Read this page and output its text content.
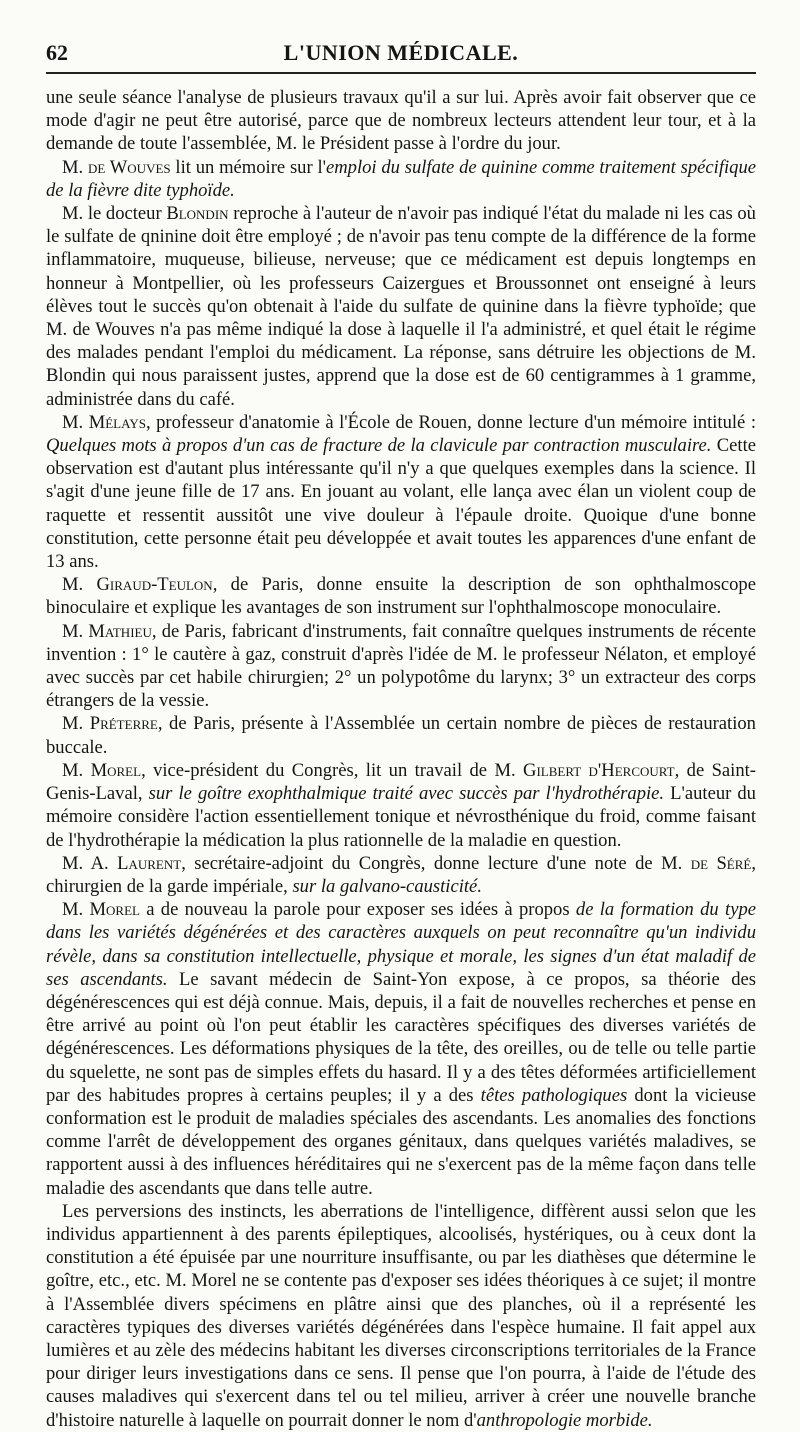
62	L'UNION MÉDICALE.

une seule séance l'analyse de plusieurs travaux qu'il a sur lui. Après avoir fait observer que ce mode d'agir ne peut être autorisé, parce que de nombreux lecteurs attendent leur tour, et à la demande de toute l'assemblée, M. le Président passe à l'ordre du jour.

M. de Wouves lit un mémoire sur l'emploi du sulfate de quinine comme traitement spécifique de la fièvre dite typhoïde.

M. le docteur Blondin reproche à l'auteur de n'avoir pas indiqué l'état du malade ni les cas où le sulfate de qninine doit être employé ; de n'avoir pas tenu compte de la différence de la forme inflammatoire, muqueuse, bilieuse, nerveuse; que ce médicament est depuis longtemps en honneur à Montpellier, où les professeurs Caizergues et Broussonnet ont enseigné à leurs élèves tout le succès qu'on obtenait à l'aide du sulfate de quinine dans la fièvre typhoïde; que M. de Wouves n'a pas même indiqué la dose à laquelle il l'a administré, et quel était le régime des malades pendant l'emploi du médicament. La réponse, sans détruire les objections de M. Blondin qui nous paraissent justes, apprend que la dose est de 60 centigrammes à 1 gramme, administrée dans du café.

M. Mélays, professeur d'anatomie à l'École de Rouen, donne lecture d'un mémoire intitulé : Quelques mots à propos d'un cas de fracture de la clavicule par contraction musculaire. Cette observation est d'autant plus intéressante qu'il n'y a que quelques exemples dans la science. Il s'agit d'une jeune fille de 17 ans. En jouant au volant, elle lança avec élan un violent coup de raquette et ressentit aussitôt une vive douleur à l'épaule droite. Quoique d'une bonne constitution, cette personne était peu développée et avait toutes les apparences d'une enfant de 13 ans.

M. Giraud-Teulon, de Paris, donne ensuite la description de son ophthalmoscope binoculaire et explique les avantages de son instrument sur l'ophthalmoscope monoculaire.

M. Mathieu, de Paris, fabricant d'instruments, fait connaître quelques instruments de récente invention : 1° le cautère à gaz, construit d'après l'idée de M. le professeur Nélaton, et employé avec succès par cet habile chirurgien; 2° un polypotôme du larynx; 3° un extracteur des corps étrangers de la vessie.

M. Préterre, de Paris, présente à l'Assemblée un certain nombre de pièces de restauration buccale.

M. Morel, vice-président du Congrès, lit un travail de M. Gilbert d'Hercourt, de Saint-Genis-Laval, sur le goître exophthalmique traité avec succès par l'hydrothérapie. L'auteur du mémoire considère l'action essentiellement tonique et névrosthénique du froid, comme faisant de l'hydrothérapie la médication la plus rationnelle de la maladie en question.

M. A. Laurent, secrétaire-adjoint du Congrès, donne lecture d'une note de M. de Séré, chirurgien de la garde impériale, sur la galvano-causticité.

M. Morel a de nouveau la parole pour exposer ses idées à propos de la formation du type dans les variétés dégénérées et des caractères auxquels on peut reconnaître qu'un individu révèle, dans sa constitution intellectuelle, physique et morale, les signes d'un état maladif de ses ascendants. Le savant médecin de Saint-Yon expose, à ce propos, sa théorie des dégénérescences qui est déjà connue. Mais, depuis, il a fait de nouvelles recherches et pense en être arrivé au point où l'on peut établir les caractères spécifiques des diverses variétés de dégénérescences. Les déformations physiques de la tête, des oreilles, ou de telle ou telle partie du squelette, ne sont pas de simples effets du hasard. Il y a des têtes déformées artificiellement par des habitudes propres à certains peuples; il y a des têtes pathologiques dont la vicieuse conformation est le produit de maladies spéciales des ascendants. Les anomalies des fonctions comme l'arrêt de développement des organes génitaux, dans quelques variétés maladives, se rapportent aussi à des influences héréditaires qui ne s'exercent pas de la même façon dans telle maladie des ascendants que dans telle autre.

Les perversions des instincts, les aberrations de l'intelligence, diffèrent aussi selon que les individus appartiennent à des parents épileptiques, alcoolisés, hystériques, ou à ceux dont la constitution a été épuisée par une nourriture insuffisante, ou par les diathèses que détermine le goître, etc., etc. M. Morel ne se contente pas d'exposer ses idées théoriques à ce sujet; il montre à l'Assemblée divers spécimens en plâtre ainsi que des planches, où il a représenté les caractères typiques des diverses variétés dégénérées dans l'espèce humaine. Il fait appel aux lumières et au zèle des médecins habitant les diverses circonscriptions territoriales de la France pour diriger leurs investigations dans ce sens. Il pense que l'on pourra, à l'aide de l'étude des causes maladives qui s'exercent dans tel ou tel milieu, arriver à créer une nouvelle branche d'histoire naturelle à laquelle on pourrait donner le nom d'anthropologie morbide.
